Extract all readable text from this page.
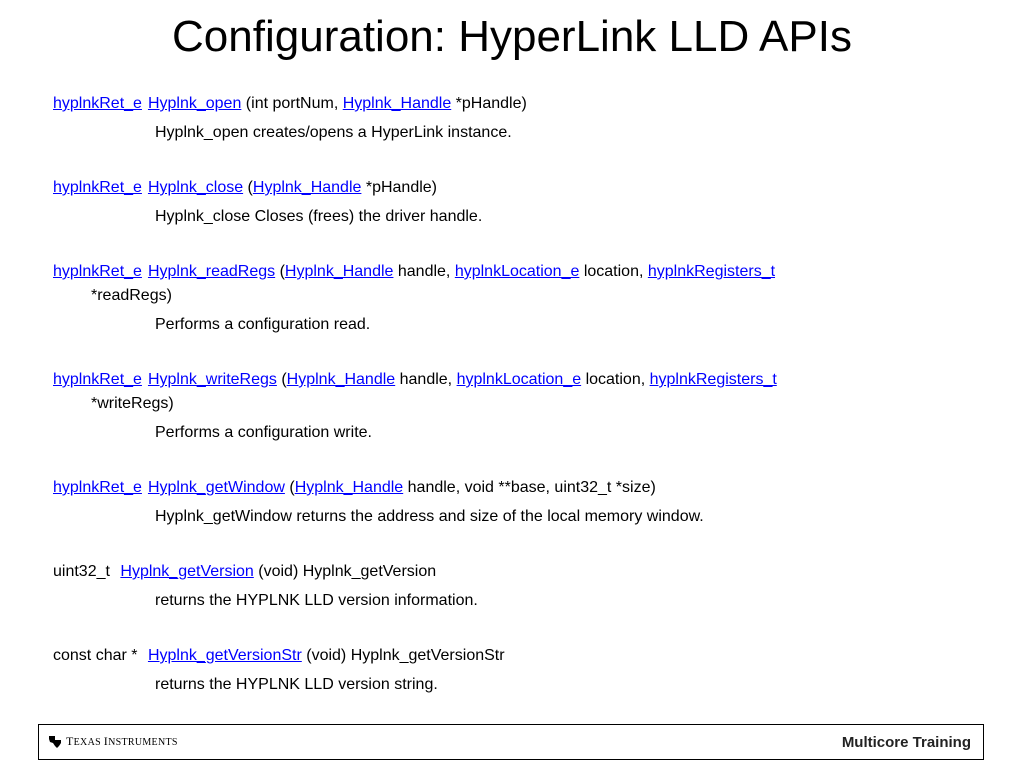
Configuration: HyperLink LLD APIs
hyplnkRet_e Hyplnk_open (int portNum, Hyplnk_Handle *pHandle)
Hyplnk_open creates/opens a HyperLink instance.
hyplnkRet_e Hyplnk_close (Hyplnk_Handle *pHandle)
Hyplnk_close Closes (frees) the driver handle.
hyplnkRet_e Hyplnk_readRegs (Hyplnk_Handle handle, hyplnkLocation_e location, hyplnkRegisters_t
*readRegs)
Performs a configuration read.
hyplnkRet_e Hyplnk_writeRegs (Hyplnk_Handle handle, hyplnkLocation_e location, hyplnkRegisters_t
*writeRegs)
Performs a configuration write.
hyplnkRet_e Hyplnk_getWindow (Hyplnk_Handle handle, void **base, uint32_t *size)
Hyplnk_getWindow returns the address and size of the local memory window.
uint32_t Hyplnk_getVersion (void) Hyplnk_getVersion
returns the HYPLNK LLD version information.
const char * Hyplnk_getVersionStr (void) Hyplnk_getVersionStr
returns the HYPLNK LLD version string.
TEXAS INSTRUMENTS	Multicore Training
